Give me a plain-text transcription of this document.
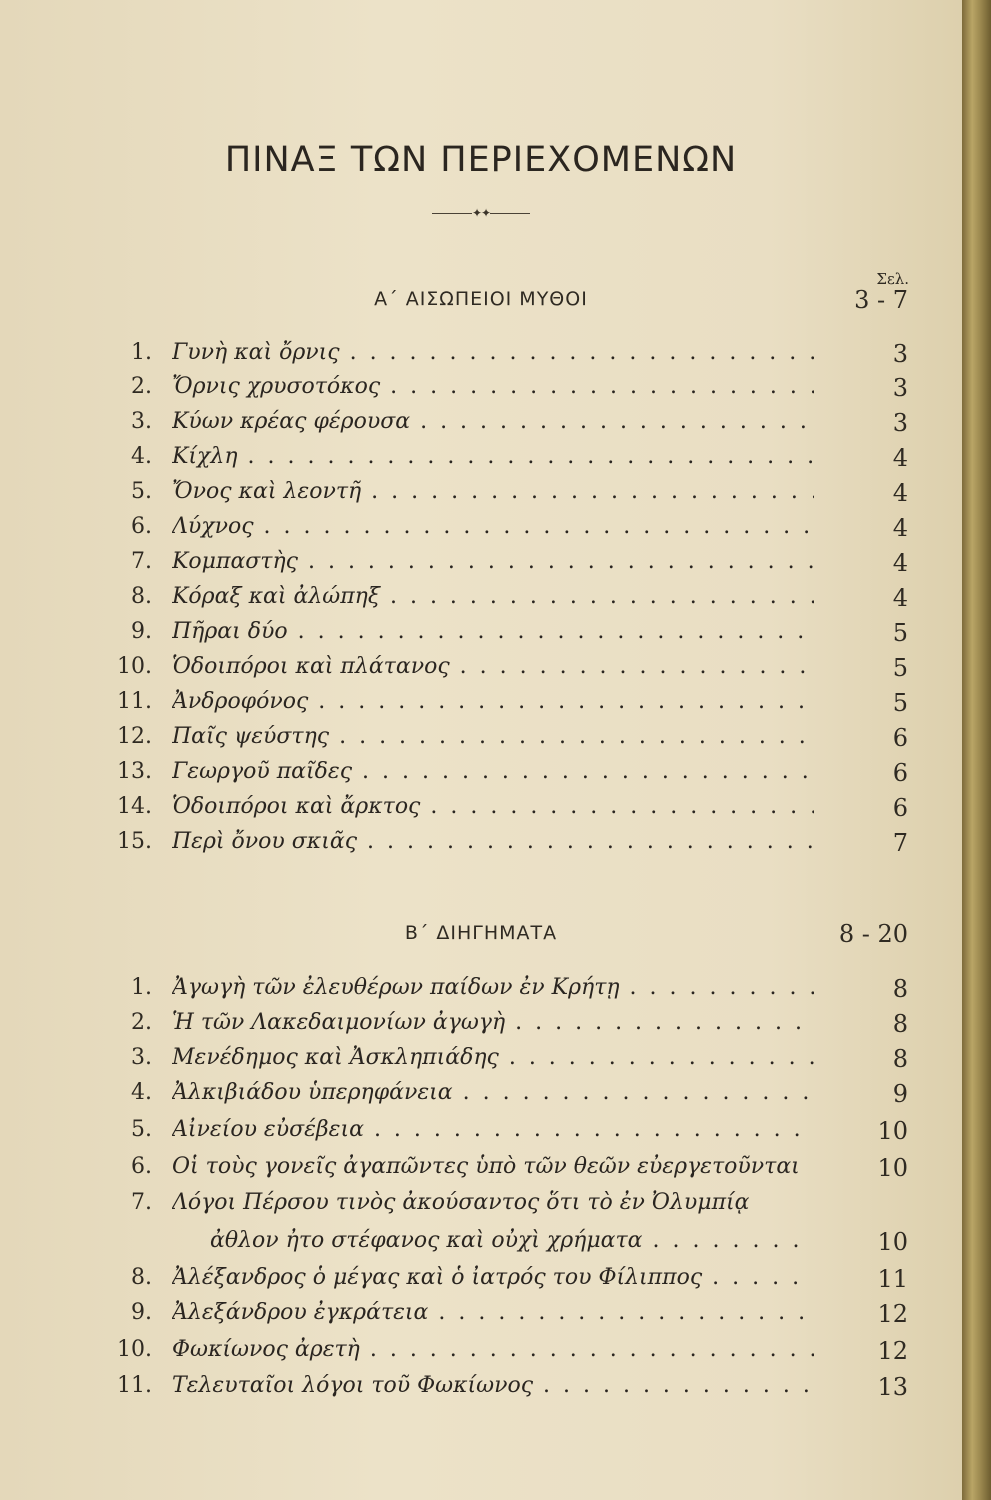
ΠΙΝΑΞ ΤΩΝ ΠΕΡΙΕΧΟΜΕΝΩΝ
✦✦
Σελ.
Α΄ ΑΙΣΩΠΕΙΟΙ ΜΥΘΟΙ	3 - 7
1. Γυνὴ καὶ ὄρνις . . .	3
2. Ὄρνις χρυσοτόκος . . .	3
3. Κύων κρέας φέρουσα . . .	3
4. Κίχλη . . .	4
5. Ὄνος καὶ λεοντῆ . . .	4
6. Λύχνος . . .	4
7. Κομπαστὴς . . .	4
8. Κόραξ καὶ ἀλώπηξ . . .	4
9. Πῆραι δύο . . .	5
10. Ὁδοιπόροι καὶ πλάτανος . . .	5
11. Ἀνδροφόνος . . .	5
12. Παῖς ψεύστης . . .	6
13. Γεωργοῦ παῖδες . . .	6
14. Ὁδοιπόροι καὶ ἄρκτος . . .	6
15. Περὶ ὄνου σκιᾶς . . .	7
Β΄ ΔΙΗΓΗΜΑΤΑ	8 - 20
1. Ἀγωγὴ τῶν ἐλευθέρων παίδων ἐν Κρήτῃ . . .	8
2. Ἡ τῶν Λακεδαιμονίων ἀγωγὴ . . .	8
3. Μενέδημος καὶ Ἀσκληπιάδης . . .	8
4. Ἀλκιβιάδου ὑπερηφάνεια . . .	9
5. Αἰνείου εὐσέβεια . . .	10
6. Οἱ τοὺς γονεῖς ἀγαπῶντες ὑπὸ τῶν θεῶν εὐεργετοῦνται	10
7. Λόγοι Πέρσου τινὸς ἀκούσαντος ὅτι τὸ ἐν Ὀλυμπίᾳ
ἆθλον ἦτο στέφανος καὶ οὐχὶ χρήματα . . .	10
8. Ἀλέξανδρος ὁ μέγας καὶ ὁ ἰατρός του Φίλιππος . . .	11
9. Ἀλεξάνδρου ἐγκράτεια . . .	12
10. Φωκίωνος ἀρετὴ . . .	12
11. Τελευταῖοι λόγοι τοῦ Φωκίωνος . . .	13
